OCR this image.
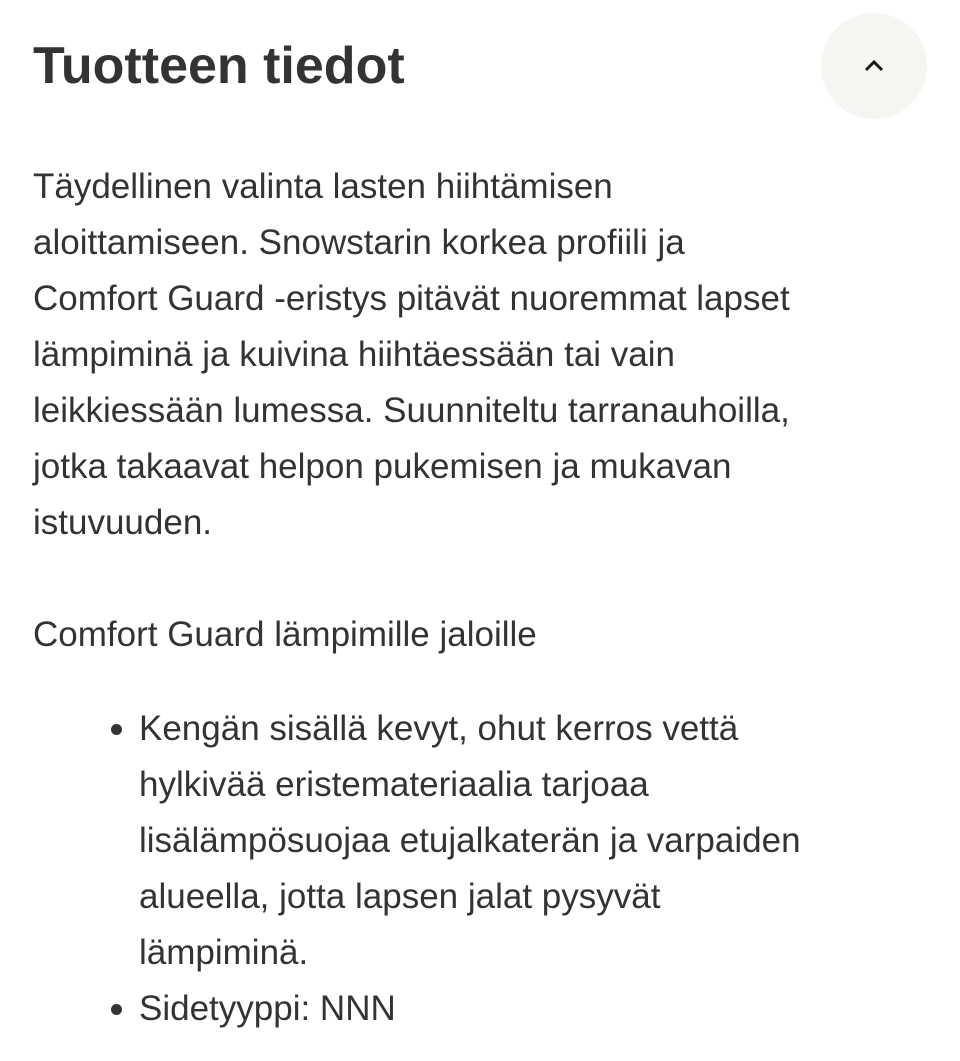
Tuotteen tiedot
Täydellinen valinta lasten hiihtämisen
aloittamiseen. Snowstarin korkea profiili ja
Comfort Guard -eristys pitävät nuoremmat lapset
lämpiminä ja kuivina hiihtäessään tai vain
leikkiessään lumessa. Suunniteltu tarranauhoilla,
jotka takaavat helpon pukemisen ja mukavan
istuvuuden.
Comfort Guard lämpimille jaloille
Kengän sisällä kevyt, ohut kerros vettä
hylkivää eristemateriaalia tarjoaa
lisälämpösuojaa etujalkaterän ja varpaiden
alueella, jotta lapsen jalat pysyvät
lämpiminä.
Sidetyyppi: NNN
